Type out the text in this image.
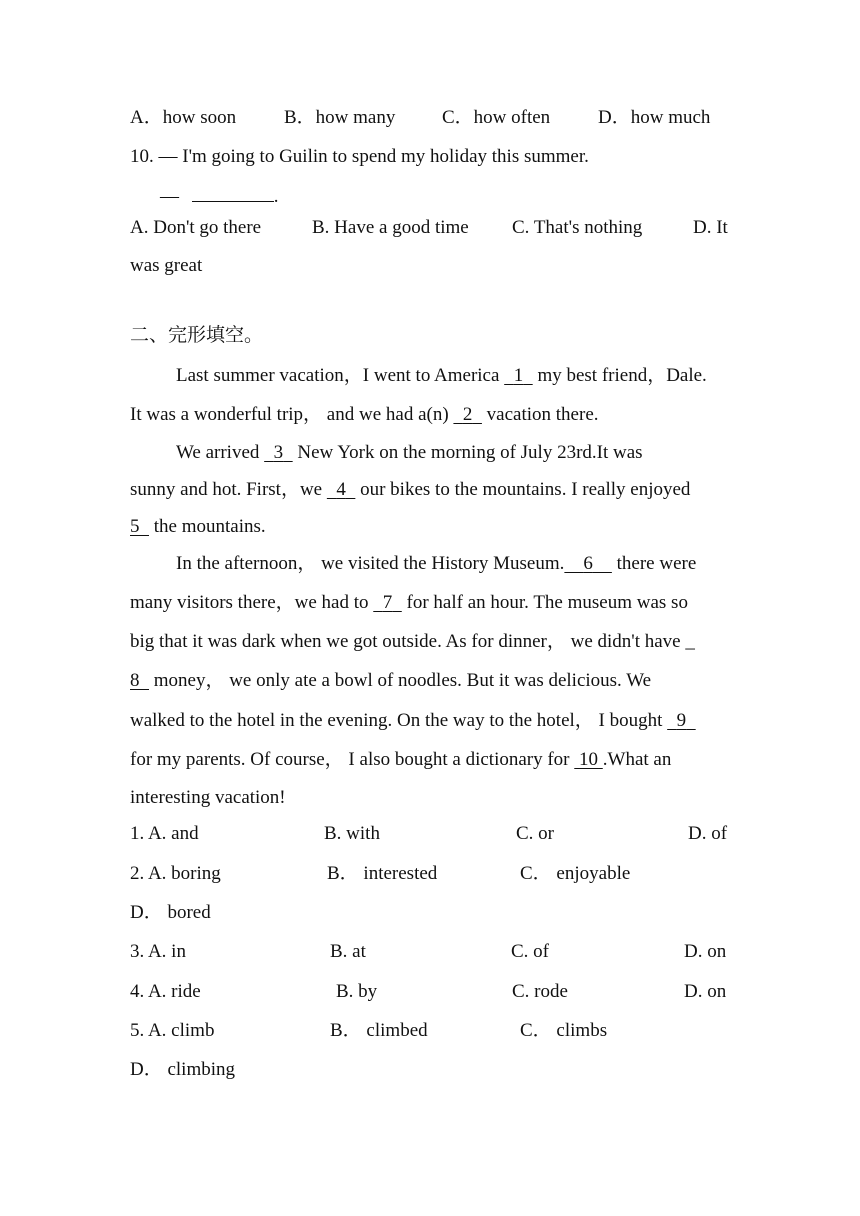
A．how soon	B．how many C．how often	D．how much
10. — I'm going to Guilin to spend my holiday this summer.
—	.
A. Don't go there	B. Have a good time C. That's nothing	D. It
was great
二、完形填空。
Last summer vacation，I went to America 1 my best friend，Dale.
It was a wonderful trip， and we had a(n) 2 vacation there.
We arrived 3 New York on the morning of July 23rd.It was
sunny and hot. First，we 4 our bikes to the mountains. I really enjoyed
5 the mountains.
In the afternoon， we visited the History Museum. 6 there were
many visitors there，we had to 7 for half an hour. The museum was so
big that it was dark when we got outside. As for dinner， we didn't have _
8 money， we only ate a bowl of noodles. But it was delicious. We
walked to the hotel in the evening. On the way to the hotel， I bought 9
for my parents. Of course， I also bought a dictionary for 10 .What an
interesting vacation!
1. A. and	B. with	C. or	D. of
2. A. boring	B． interested	C． enjoyable
D． bored
3. A. in	B. at	C. of	D. on
4. A. ride	B. by	C. rode	D. on
5. A. climb	B． climbed	C． climbs
D． climbing
